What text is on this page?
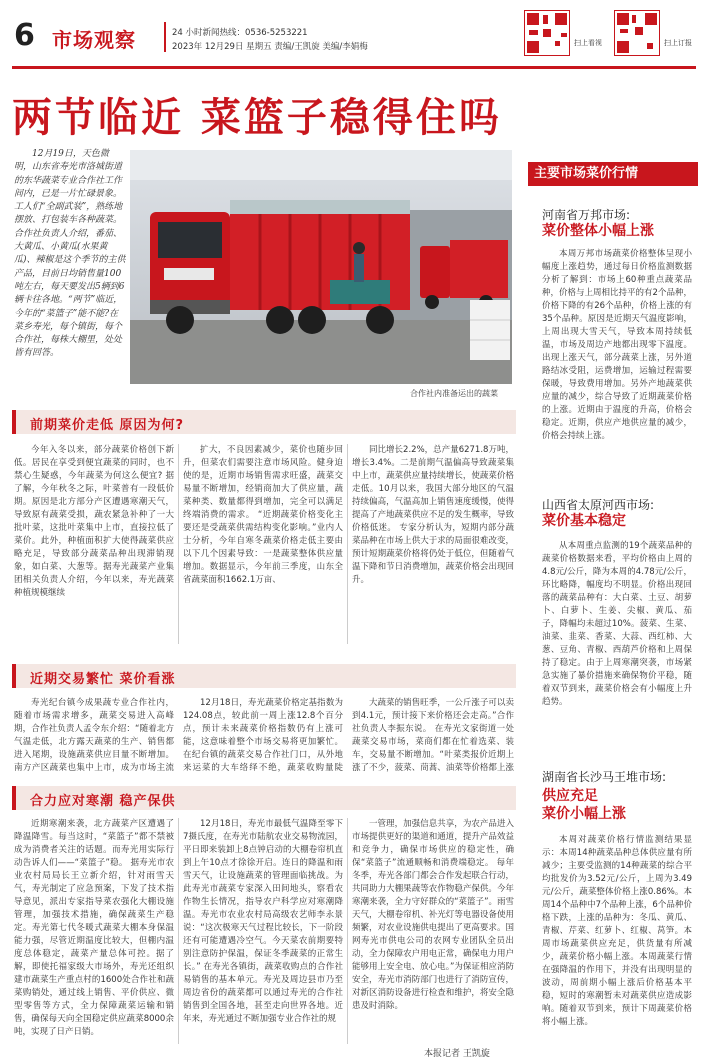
6 市场观察	24 小时新闻热线：0536-5253221
2023年 12月29日 星期五 责编/王凯旋 美编/李娟梅	扫上看视	扫上订报
两节临近 菜篮子稳得住吗
12月19日，天色微明，山东省寿光市洛城街道的东华蔬菜专业合作社工作间内，已是一片忙碌景象。工人们“全副武装”，熟练地摆放、打包装车各种蔬菜。合作社负责人介绍，番茄、大黄瓜、小黄瓜(水果黄瓜)、辣椒是这个季节的主供产品，目前日均销售量100吨左右，每天要发出5辆到6辆卡往各地。“两节”临近，今年的“菜篮子”能不能?在菜乡寿光，每个镇街，每个合作社，每株大棚里，处处皆有回答。
合作社内准备运出的蔬菜
主要市场菜价行情
河南省万邦市场:
菜价整体小幅上涨
本周万邦市场蔬菜价格整体呈现小幅度上涨趋势，通过每日价格监测数据分析了解到：市场上60种重点蔬菜品种，价格与上周相比持平的有2个品种，价格下降的有26个品种，价格上涨的有35个品种。原因是近期天气温度影响，上周出现大雪天气，导致本周持续低温，市场及周边产地都出现零下温度。出现上涨天气，部分蔬菜上涨，另外道路结冰受阻，运费增加，运输过程需要保暖，导致费用增加。另外产地蔬菜供应量的减少，综合导致了近期蔬菜价格的上涨。近期由于温度的升高，价格会稳定。近期，供应产地供应量的减少，价格会持续上涨。
山西省太原河西市场:
菜价基本稳定
从本周重点监测的19个蔬菜品种的蔬菜价格数据来看，平均价格由上周的4.8元/公斤，降为本周的4.78元/公斤，环比略降，幅度均不明显。价格出现回落的蔬菜品种有：大白菜、土豆、胡萝卜、白萝卜、生姜、尖椒、黄瓜、茄子，降幅均未超过10%。菠菜、生菜、油菜、韭菜、香菜、大蒜、西红柿、大葱、豆角、青椒、西葫芦价格和上周保持了稳定。由于上周寒潮突袭，市场紧急实施了暴价措施来确保物价平稳，随着双节到来，蔬菜价格会有小幅度上升趋势。
湖南省长沙马王堆市场:
供应充足
菜价小幅上涨
本周对蔬菜价格行情监测结果显示：本周14种蔬菜品种总体供应量有所减少；主要受监测的14种蔬菜的综合平均批发价为3.52元/公斤，上周为3.49元/公斤，蔬菜整体价格上涨0.86%。本周14个品种中7个品种上涨，6个品种价格下跌，上涨的品种为：冬瓜、黄瓜、青椒、芹菜、红萝卜、红椒、莴笋。本周市场蔬菜供应充足，供货量有所减少，蔬菜价格小幅上涨。本周蔬菜行情在强降温的作用下，并没有出现明显的波动，周前期小幅上涨后价格基本平稳，短时的寒潮暂未对蔬菜供应造成影响。随着双节到来，预计下周蔬菜价格将小幅上涨。
前期菜价走低 原因为何?

今年入冬以来，部分蔬菜价格创下新低。居民在享受到便宜蔬菜的同时，也不禁心生疑惑，今年蔬菜为何这么便宜? 据了解，今年秋冬之际，叶菜普有一段低价期。原因是北方部分产区遭遇寒潮天气，导致原有蔬菜受损，蔬农紧急补种了一大批叶菜，这批叶菜集中上市，直接拉低了菜价。此外，种植面积扩大使得蔬菜供应略充足，导致部分蔬菜品种出现滞销现象，如白菜、大葱等。据寿光蔬菜产业集团相关负责人介绍，今年以来，寿光蔬菜种植规模继续

扩大，不良因素减少，菜价也随步回升，但菜农们需要注意市场风险。健身迫使的是，近期市场销售需求旺盛，蔬菜交易量不断增加，经销商加大了供应量，蔬菜种类、数量都得到增加，完全可以满足终端消费的需求。 “近期蔬菜价格变化主要还是受蔬菜供需结构变化影响。”业内人士分析，今年自寒冬蔬菜价格走低主要由以下几个因素导致：一是蔬菜整体供应量增加。数据显示，今年前三季度，山东全省蔬菜面积1662.1万亩、

同比增长2.2%，总产量6271.8万吨，增长3.4%。二是前期气温偏高导致蔬菜集中上市，蔬菜供应量持续增长，使蔬菜价格走低。10月以来，我国大部分地区的气温持续偏高，气温高加上销售速度缓慢，使得提高了产地蔬菜供应不足的发生概率，导致价格低迷。 专家分析认为，短期内部分蔬菜品种在市场上供大于求的局面很难改变，预计短期蔬菜价格将仍处于低位，但随着气温下降和节日消费增加，蔬菜价格会出现回升。

近期交易繁忙 菜价看涨

寿光纪台镇今成果蔬专业合作社内，随着市场需求增多，蔬菜交易进入高峰期，合作社负责人孟令东介绍：“随着北方气温走低，北方露天蔬菜的生产、销售都进入尾期，设施蔬菜供应目量不断增加。南方产区蔬菜也集中上市，成为市场主流

12月18日，寿光蔬菜价格定基指数为124.08点，较此前一周上涨12.8个百分点，预计未来蔬菜价格指数仍有上涨可能，这意味着整个市场交易将更加繁忙。 在纪台镇的蔬菜交易合作社门口，从外地来运菜的大车络绎不绝，蔬菜收购量陡

大蔬菜的销售旺季，一公斤涨子可以卖到4.1元，预计接下来价格还会走高。”合作社负责人李振东说。 在寿光文家街道一处蔬菜交易市场，菜商们都在忙着选菜、装车，交易量不断增加。“叶菜类报价近期上涨了不少，菠菜、茼蒿、油菜等价格都上涨

合力应对寒潮 稳产保供

近期寒潮来袭，北方蔬菜产区遭遇了降温降雪。每当这时，“菜篮子”都不禁被成为消费者关注的话题。而寿光用实际行动告诉人们——“菜篮子”稳。 据寿光市农业农村局局长王立新介绍，针对雨雪天气，寿光制定了应急预案，下发了技术指导意见，派出专家指导菜农强化大棚设施管理，加强技术措施，确保蔬菜生产稳定。寿光第七代冬暖式蔬菜大棚本身保温能力强，尽管近期温度比较大，但棚内温度总体稳定，蔬菜产量总体可控。据了解，即使托福家级大市场外，寿光还组织建市蔬菜生产重点村的1600处合作社和蔬菜购销处，通过线上销售、平价供应、微型零售等方式，全力保障蔬菜运输和销售，确保每天向全国稳定供应蔬菜8000余吨，实现了日产日销。

12月18日，寿光市最低气温降至零下7摄氏度，在寿光市陆航农业交易物流园，平日即来装卸上8点钟启动的大棚卷帘机直到上午10点才徐徐开启。连日的降温和雨雪天气，让设施蔬菜的管理面临挑战。为此寿光市蔬菜专家深入田间地头，察看农作物生长情况，指导农户科学应对寒潮降温。寿光市农业农村局高级农艺师李永景说：“这次极寒天气过程比较长，下一阶段还有可能遭遇冷空气。今天菜农前期要特别注意防护保温，保证冬季蔬菜的正常生长。” 在寿光各镇街，蔬菜收购点的合作社易销售的基本单元。寿光及周边县市乃至周边省份的蔬菜都可以通过寿光的合作社销售到全国各地，甚至走向世界各地。近年来，寿光通过不断加强专业合作社的规

一管理，加强信息共享，为农产品进入市场提供更好的渠道和通道，提升产品效益和竞争力，确保市场供应的稳定性，确保“菜篮子”流通顺畅和消费端稳定。 每年冬季，寿光各部门都会合作发起联合行动，共同助力大棚果蔬等农作物稳产保供。今年寒潮来袭，全力守好群众的“菜篮子”。雨雪天气，大棚卷帘机、补光灯等电器设备使用频繁，对农业设施供电提出了更高要求。国网寿光市供电公司的农网专业团队全员出动，全力保障农户用电正常，确保电力用户能够用上安全电、放心电。”为保证相应消防安全，寿光市消防部门也进行了消防宣传，对新区消防设备进行检查和维护，将安全隐患及时消除。

本报记者 王凯旋
